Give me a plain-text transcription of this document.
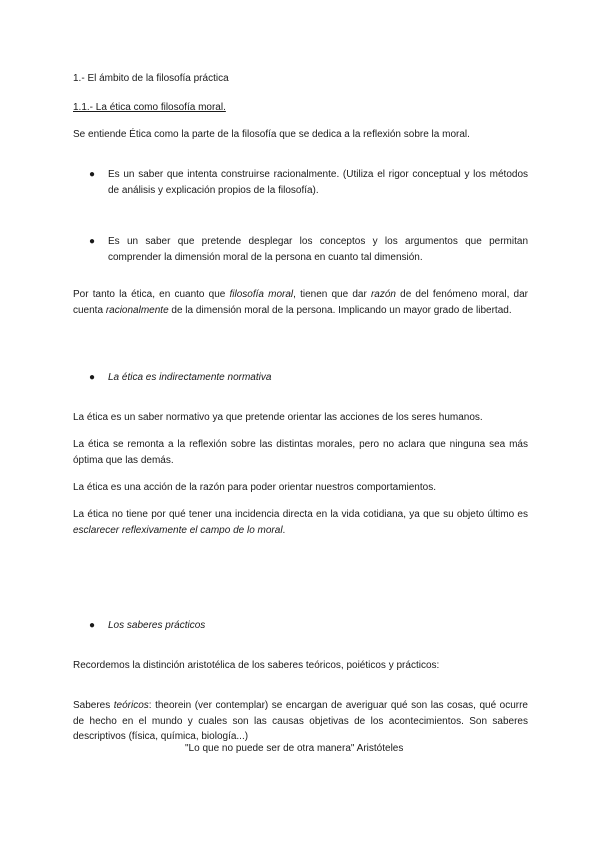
1.- El ámbito de la filosofía práctica

1.1.- La ética como filosofía moral.

Se entiende Ética como la parte de la filosofía que se dedica a la reflexión sobre la moral.

●	Es un saber que intenta construirse racionalmente. (Utiliza el rigor conceptual y los métodos de análisis y explicación propios de la filosofía).

●	Es un saber que pretende desplegar los conceptos y los argumentos que permitan comprender la dimensión moral de la persona en cuanto tal dimensión.

Por tanto la ética, en cuanto que filosofía moral, tienen que dar razón de del fenómeno moral, dar cuenta racionalmente de la dimensión moral de la persona. Implicando un mayor grado de libertad.

●	La ética es indirectamente normativa

La ética es un saber normativo ya que pretende orientar las acciones de los seres humanos.

La ética se remonta a la reflexión sobre las distintas morales, pero no aclara que ninguna sea más óptima que las demás.

La ética es una acción de la razón para poder orientar nuestros comportamientos.

La ética no tiene por qué tener una incidencia directa en la vida cotidiana, ya que su objeto último es esclarecer reflexivamente el campo de lo moral.

●	Los saberes prácticos

Recordemos la distinción aristotélica de los saberes teóricos, poiéticos y prácticos:

Saberes teóricos: theorein (ver contemplar) se encargan de averiguar qué son las cosas, qué ocurre de hecho en el mundo y cuales son las causas objetivas de los acontecimientos. Son saberes descriptivos (física, química, biología...)

"Lo que no puede ser de otra manera" Aristóteles
